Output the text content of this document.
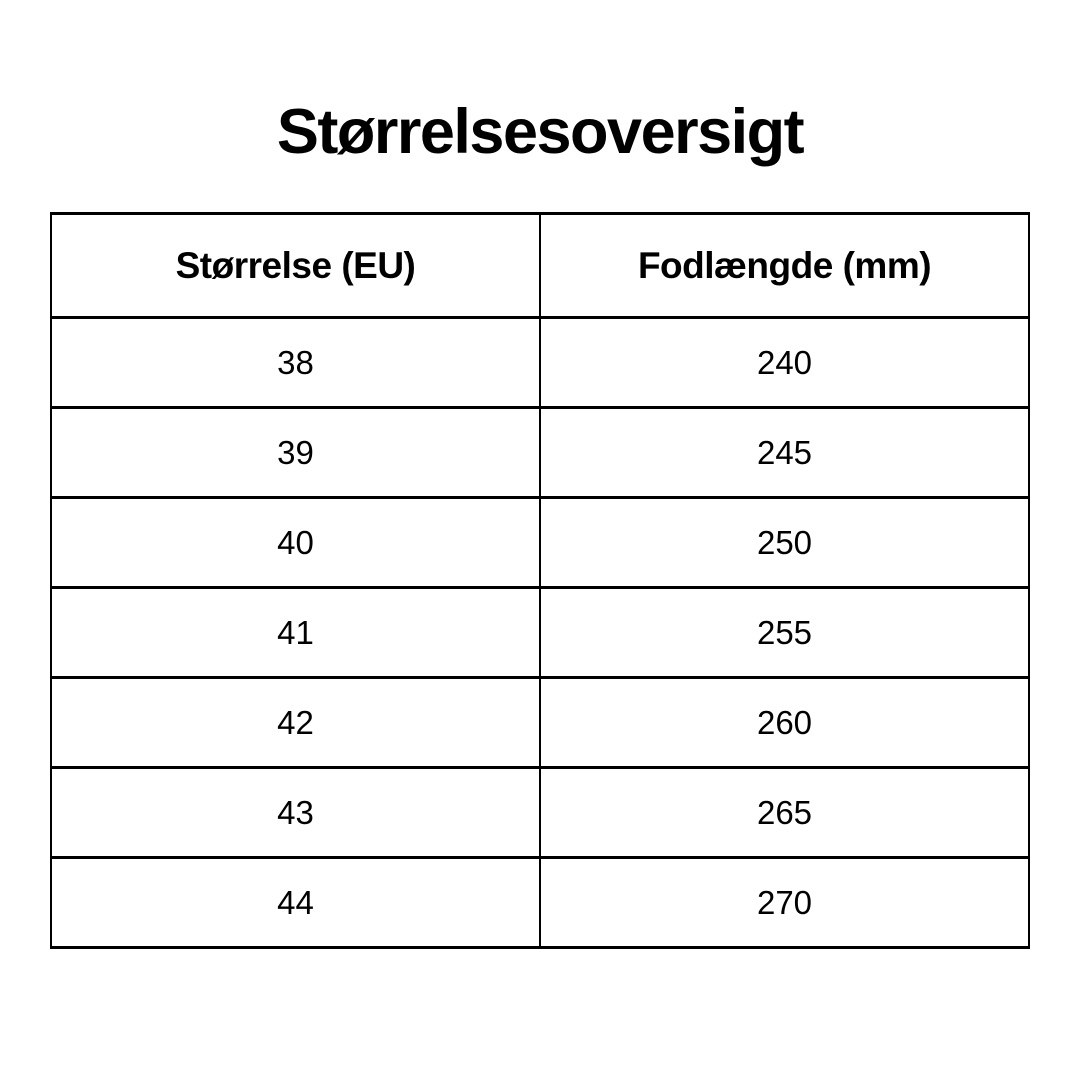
Størrelsesoversigt
Størrelse (EU)	Fodlængde (mm)
38	240
39	245
40	250
41	255
42	260
43	265
44	270
